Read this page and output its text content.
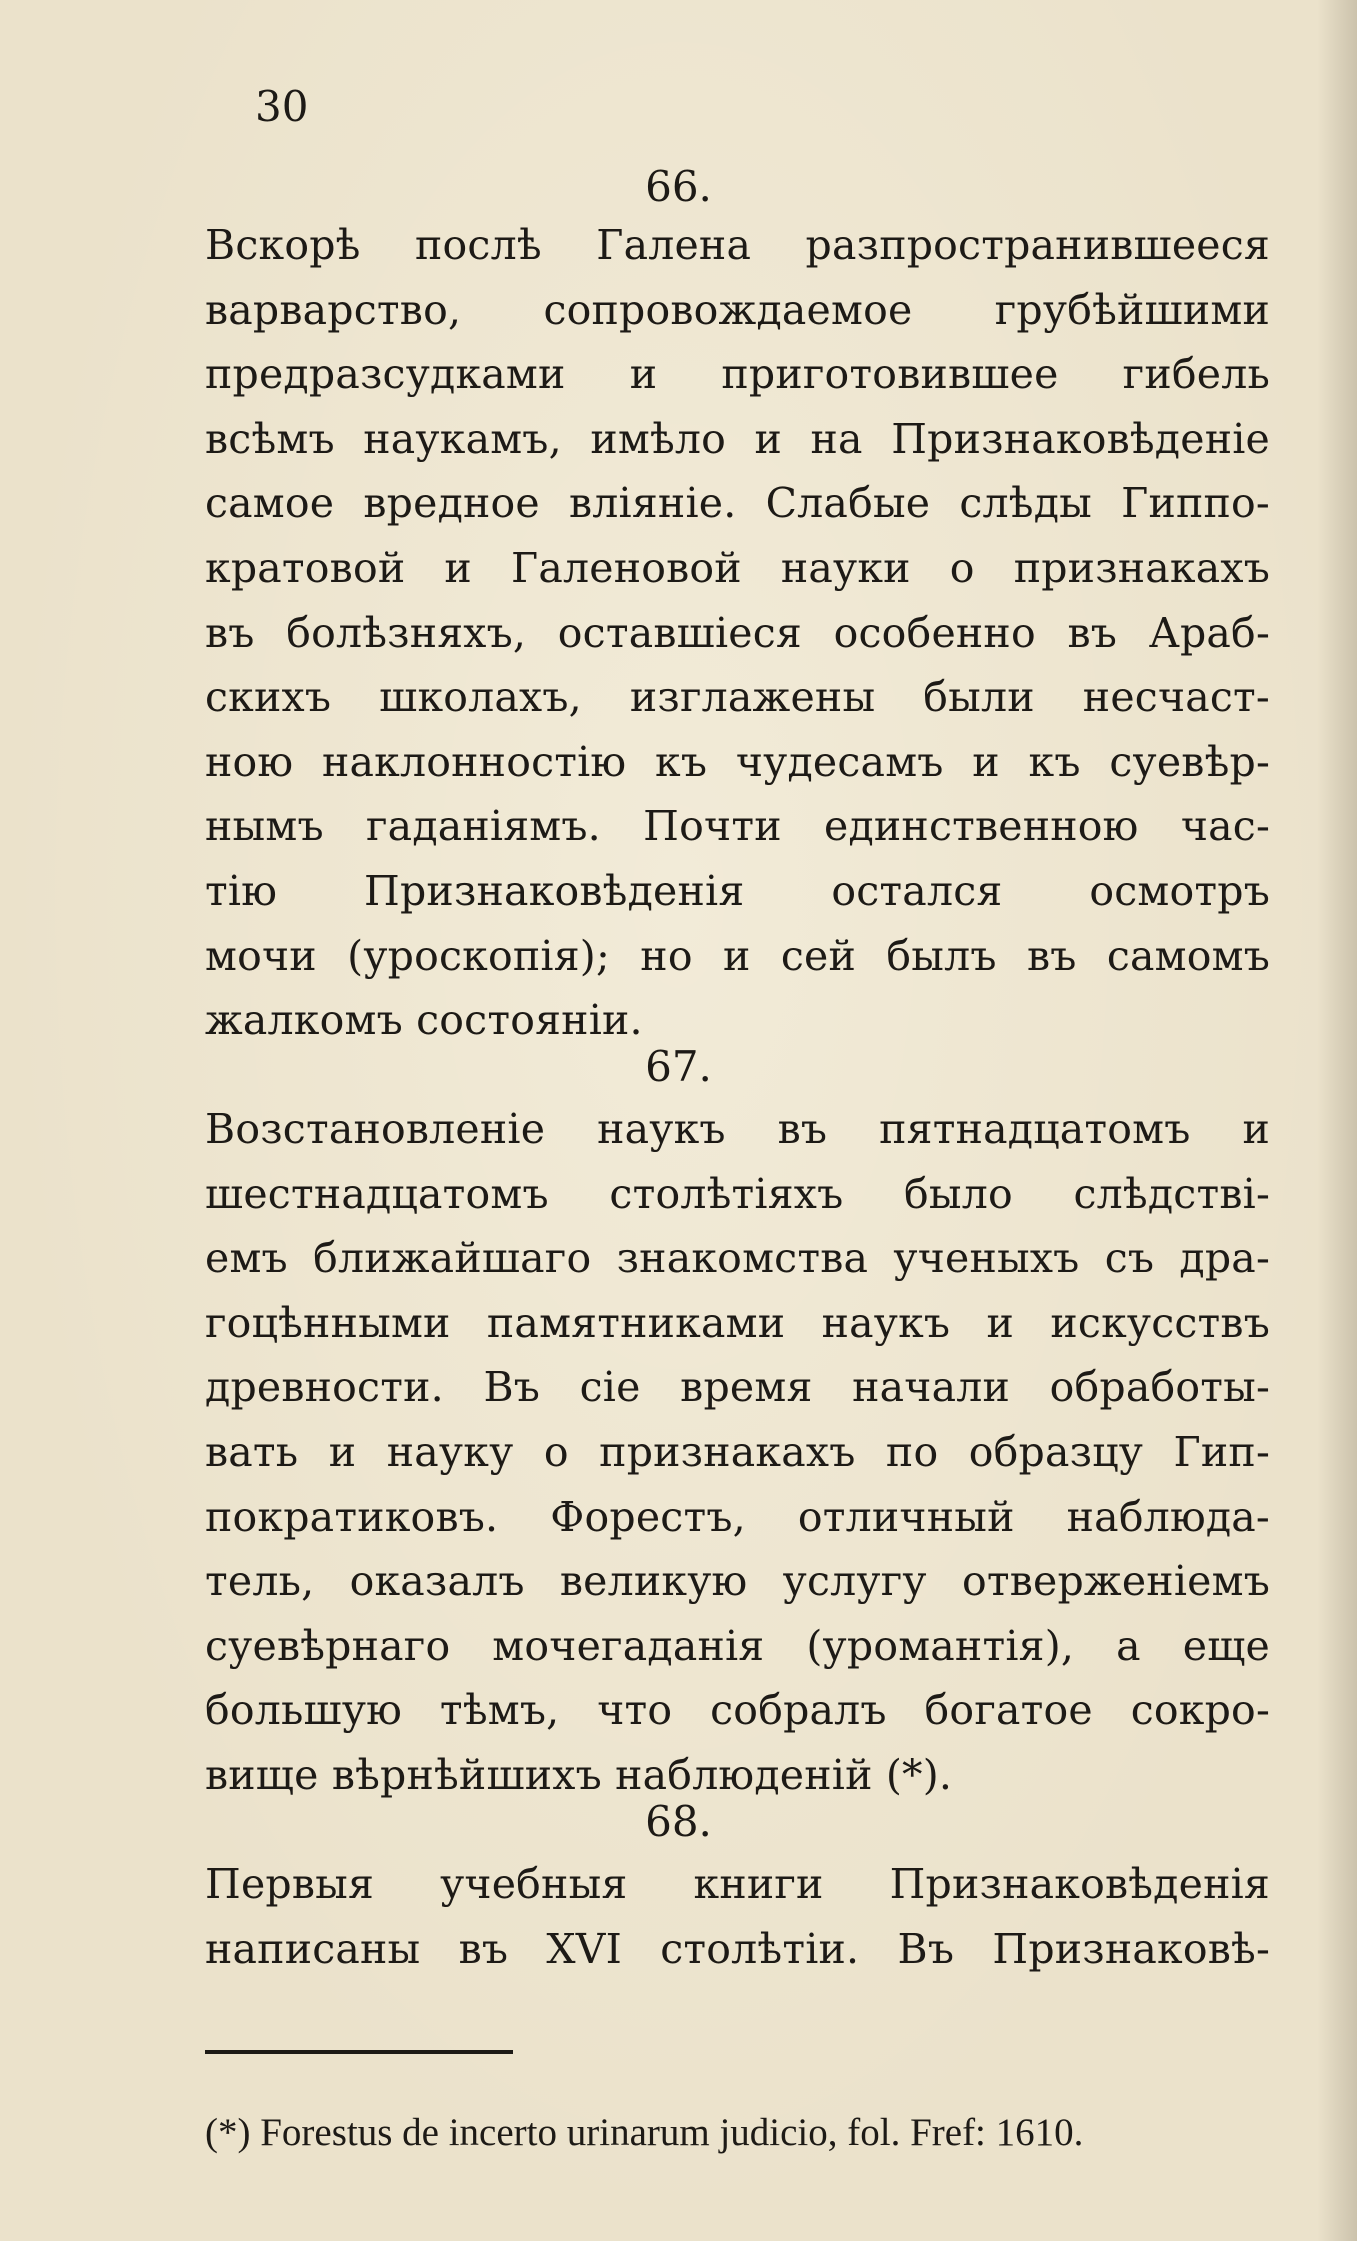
30
66.
Вскорѣ послѣ Галена разпространившееся
варварство, сопровождаемое грубѣйшими
предразсудками и приготовившее гибель
всѣмъ наукамъ, имѣло и на Признаковѣденіе
самое вредное вліяніе. Слабые слѣды Гиппо-
кратовой и Галеновой науки о признакахъ
въ болѣзняхъ, оставшіеся особенно въ Араб-
скихъ школахъ, изглажены были несчаст-
ною наклонностію къ чудесамъ и къ суевѣр-
нымъ гаданіямъ. Почти единственною час-
тію Признаковѣденія остался осмотръ
мочи (уроскопія); но и сей былъ въ самомъ
жалкомъ состояніи.
67.
Возстановленіе наукъ въ пятнадцатомъ и
шестнадцатомъ столѣтіяхъ было слѣдстві-
емъ ближайшаго знакомства ученыхъ съ дра-
гоцѣнными памятниками наукъ и искусствъ
древности. Въ сіе время начали обработы-
вать и науку о признакахъ по образцу Гип-
пократиковъ. Форестъ, отличный наблюда-
тель, оказалъ великую услугу отверженіемъ
суевѣрнаго мочегаданія (уромантія), а еще
большую тѣмъ, что собралъ богатое сокро-
вище вѣрнѣйшихъ наблюденій (*).
68.
Первыя учебныя книги Признаковѣденія
написаны въ XVI столѣтіи. Въ Признаковѣ-
(*) Forestus de incerto urinarum judicio, fol. Fref: 1610.
